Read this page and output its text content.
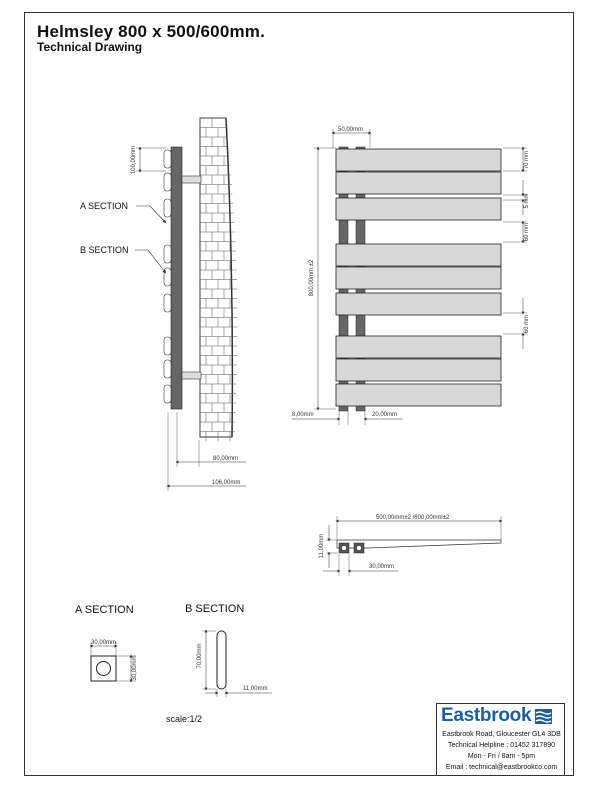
Helmsley 800 x 500/600mm.
Technical Drawing
100,00mm
A SECTION
B SECTION
80,00mm
106,00mm
50,00mm
800,00mm ±2
70 mm
5 mm
60 mm
60 mm
8,00mm	20,00mm
500,00mm±2 /600,00mm±2
11,00mm
30,00mm
A SECTION
30,00mm
30,00mm
B SECTION
70,00mm
11,00mm
scale:1/2	Eastbrook
Eastbrook Road, Gloucester GL4 3DB
Technical Helpline : 01452 317890
Mon - Fri / 8am - 5pm
Email : technical@eastbrookco.com
